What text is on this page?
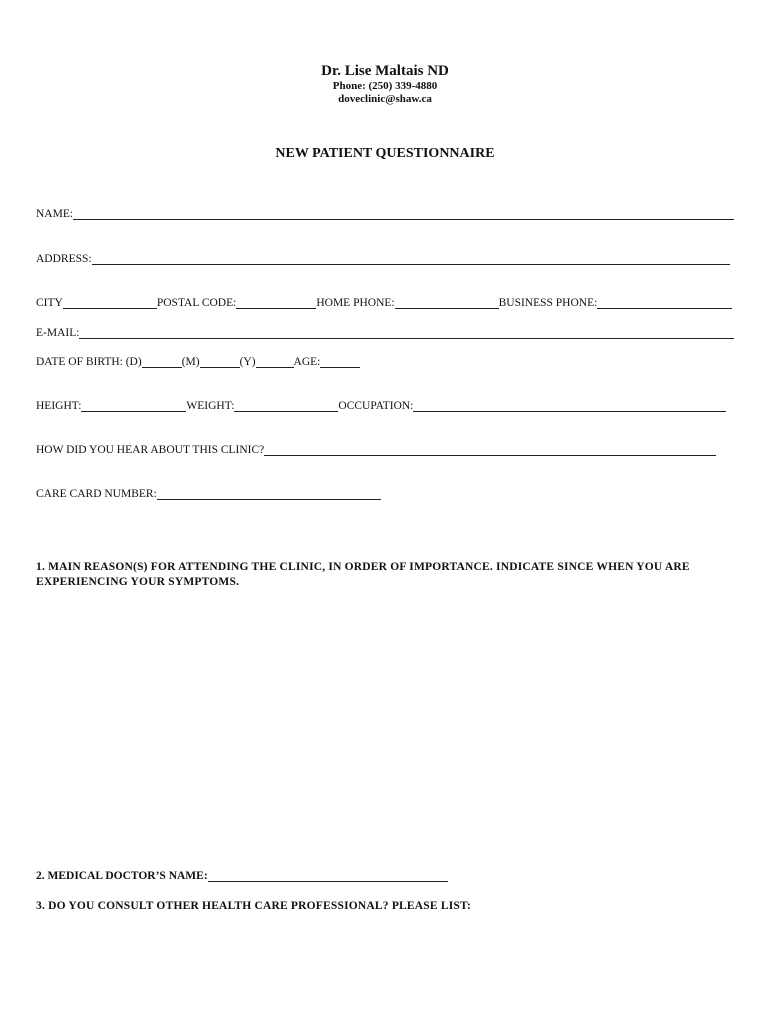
Dr. Lise Maltais ND
Phone: (250) 339-4880
doveclinic@shaw.ca
NEW PATIENT QUESTIONNAIRE
NAME:
ADDRESS:
CITY	POSTAL CODE:	HOME PHONE:	BUSINESS PHONE:
E-MAIL:
DATE OF BIRTH: (D)	(M)	(Y)	AGE:
HEIGHT:	WEIGHT:	OCCUPATION:
HOW DID YOU HEAR ABOUT THIS CLINIC?
CARE CARD NUMBER:
1. MAIN REASON(S) FOR ATTENDING THE CLINIC, IN ORDER OF IMPORTANCE. INDICATE SINCE WHEN YOU ARE EXPERIENCING YOUR SYMPTOMS.
2. MEDICAL DOCTOR’S NAME:
3. DO YOU CONSULT OTHER HEALTH CARE PROFESSIONAL? PLEASE LIST:
